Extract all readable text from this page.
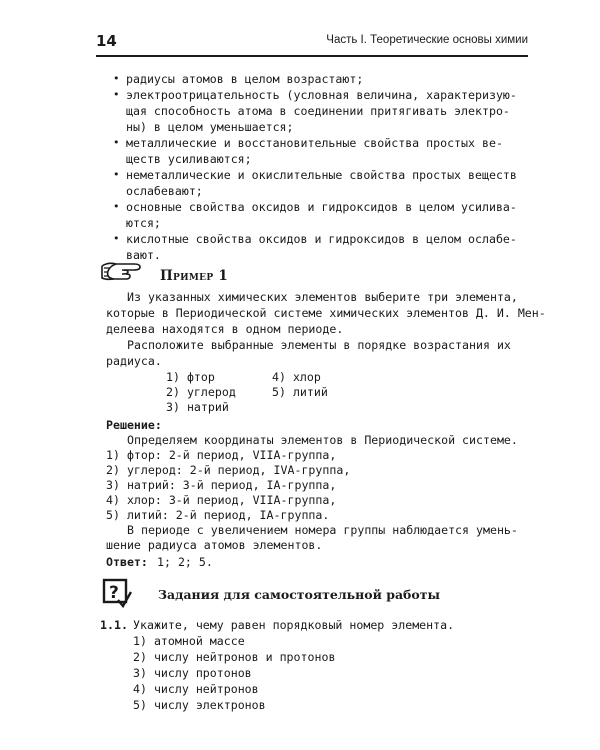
14	Часть I. Теоретические основы химии
• радиусы атомов в целом возрастают;
• электроотрицательность (условная величина, характеризую-
щая способность атома в соединении притягивать электро-
ны) в целом уменьшается;
• металлические и восстановительные свойства простых ве-
ществ усиливаются;
• неметаллические и окислительные свойства простых веществ
ослабевают;
• основные свойства оксидов и гидроксидов в целом усилива-
ются;
• кислотные свойства оксидов и гидроксидов в целом ослабе-
вают.
Пример 1
Из указанных химических элементов выберите три элемента,
которые в Периодической системе химических элементов Д. И. Мен-
делеева находятся в одном периоде.
Расположите выбранные элементы в порядке возрастания их
радиуса.
1) фтор
2) углерод
3) натрий
4) хлор
5) литий
Решение:
Определяем координаты элементов в Периодической системе.
1) фтор: 2-й период, VIIA-группа,
2) углерод: 2-й период, IVA-группа,
3) натрий: 3-й период, IA-группа,
4) хлор: 3-й период, VIIA-группа,
5) литий: 2-й период, IA-группа.
В периоде с увеличением номера группы наблюдается умень-
шение радиуса атомов элементов.
Ответ: 1; 2; 5.
?	Задания для самостоятельной работы
1.1. Укажите, чему равен порядковый номер элемента.
1) атомной массе
2) числу нейтронов и протонов
3) числу протонов
4) числу нейтронов
5) числу электронов
